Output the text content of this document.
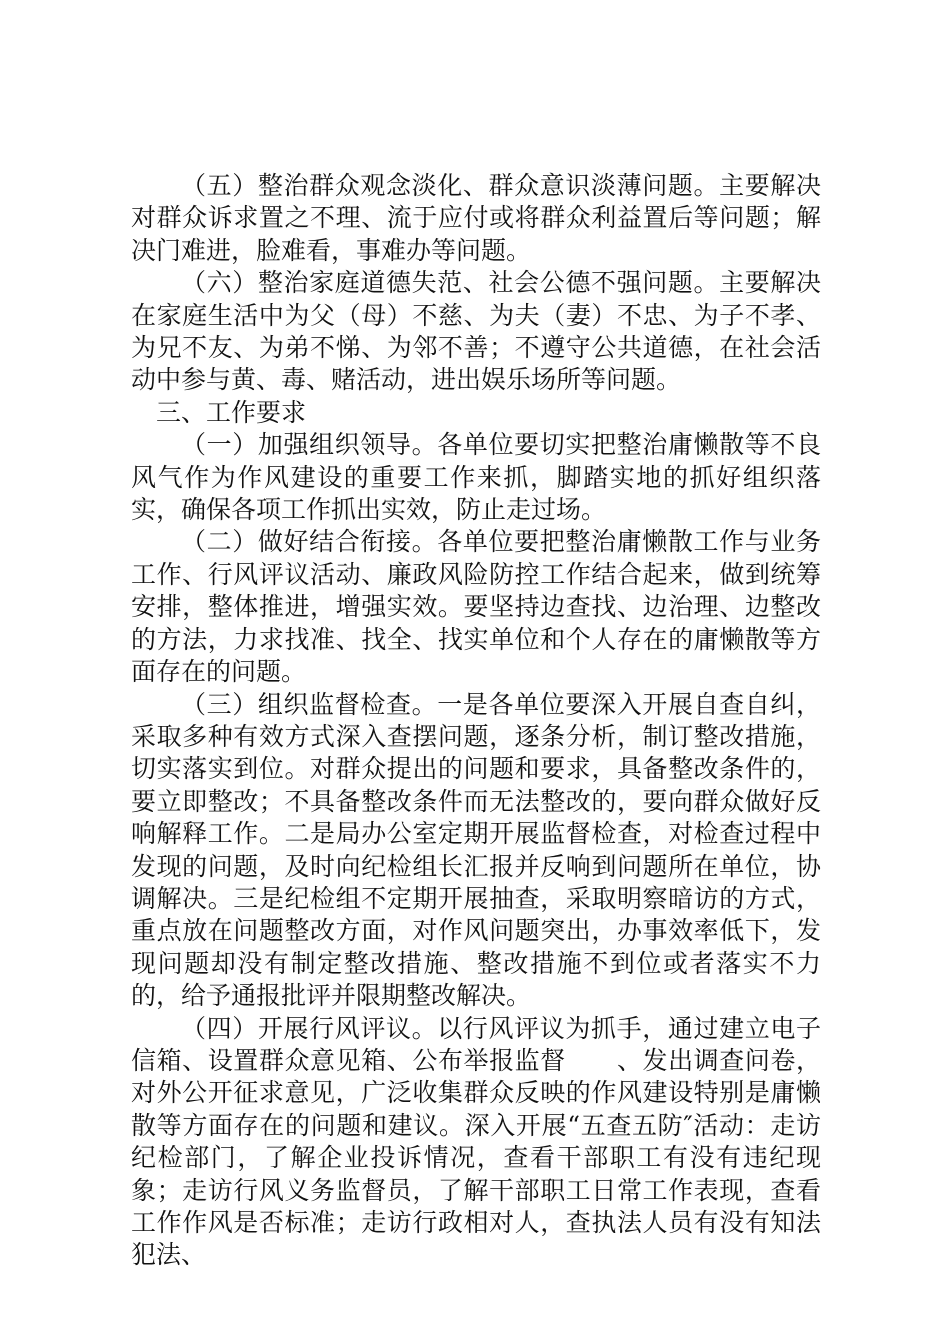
（五）整治群众观念淡化、群众意识淡薄问题。主要解决对群众诉求置之不理、流于应付或将群众利益置后等问题；解决门难进，脸难看，事难办等问题。

（六）整治家庭道德失范、社会公德不强问题。主要解决在家庭生活中为父（母）不慈、为夫（妻）不忠、为子不孝、为兄不友、为弟不悌、为邻不善；不遵守公共道德，在社会活动中参与黄、毒、赌活动，进出娱乐场所等问题。

三、工作要求

（一）加强组织领导。各单位要切实把整治庸懒散等不良风气作为作风建设的重要工作来抓，脚踏实地的抓好组织落实，确保各项工作抓出实效，防止走过场。

（二）做好结合衔接。各单位要把整治庸懒散工作与业务工作、行风评议活动、廉政风险防控工作结合起来，做到统筹安排，整体推进，增强实效。要坚持边查找、边治理、边整改的方法，力求找准、找全、找实单位和个人存在的庸懒散等方面存在的问题。

（三）组织监督检查。一是各单位要深入开展自查自纠，采取多种有效方式深入查摆问题，逐条分析，制订整改措施，切实落实到位。对群众提出的问题和要求，具备整改条件的，要立即整改；不具备整改条件而无法整改的，要向群众做好反响解释工作。二是局办公室定期开展监督检查，对检查过程中发现的问题，及时向纪检组长汇报并反响到问题所在单位，协调解决。三是纪检组不定期开展抽查，采取明察暗访的方式，重点放在问题整改方面，对作风问题突出，办事效率低下，发现问题却没有制定整改措施、整改措施不到位或者落实不力的，给予通报批评并限期整改解决。

（四）开展行风评议。以行风评议为抓手，通过建立电子信箱、设置群众意见箱、公布举报监督　　、发出调查问卷，对外公开征求意见，广泛收集群众反映的作风建设特别是庸懒散等方面存在的问题和建议。深入开展“五查五防″活动：走访纪检部门，了解企业投诉情况，查看干部职工有没有违纪现象；走访行风义务监督员，了解干部职工日常工作表现，查看工作作风是否标准；走访行政相对人，查执法人员有没有知法犯法、
